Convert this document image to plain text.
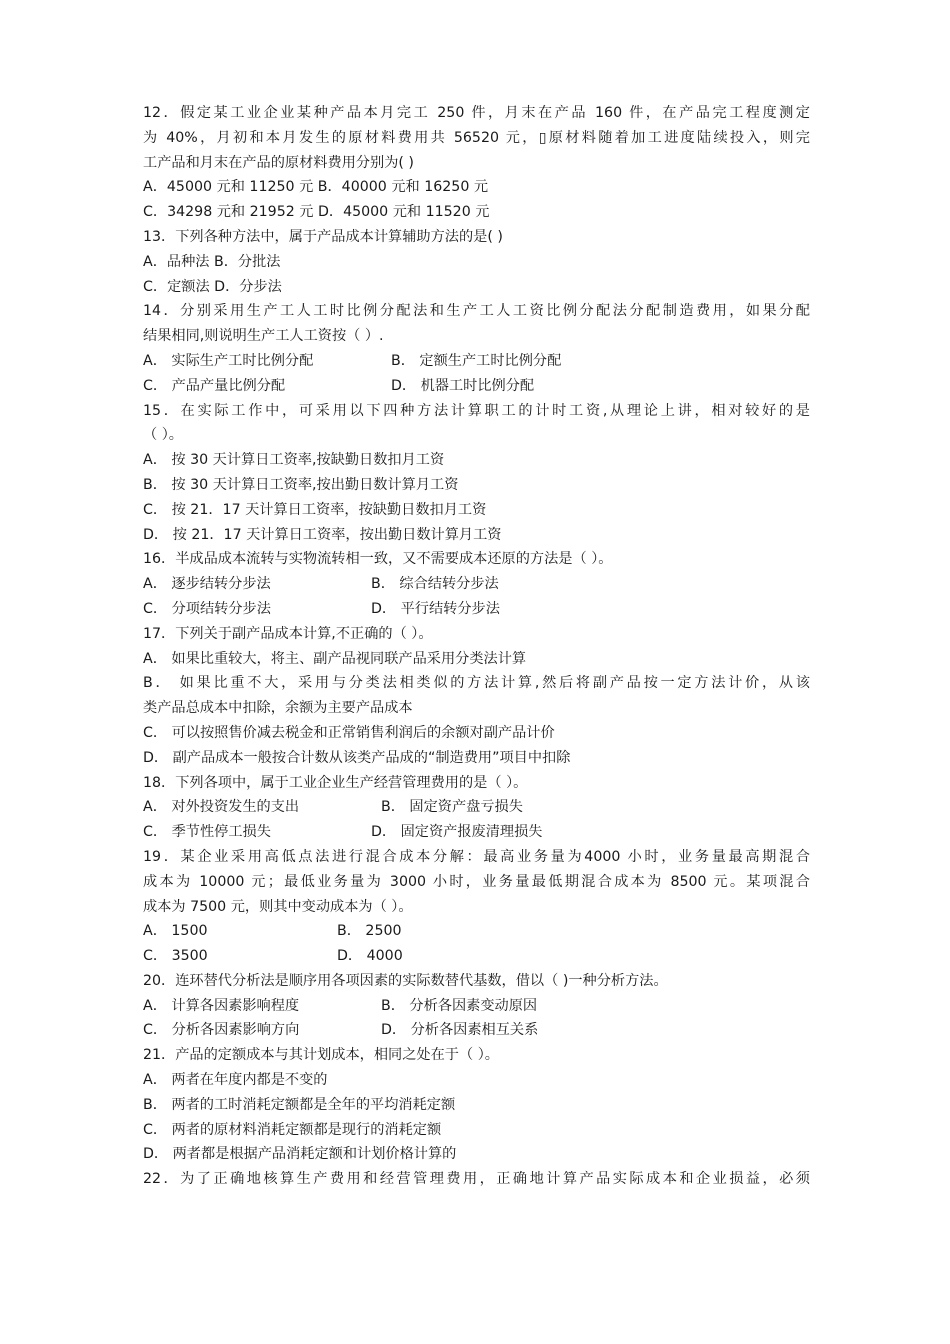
12．假定某工业企业某种产品本月完工 250 件，月末在产品 160 件，在产品完工程度测定
为 40%，月初和本月发生的原材料费用共 56520 元，▯原材料随着加工进度陆续投入，则完
工产品和月末在产品的原材料费用分别为( )
A．45000 元和 11250 元 B．40000 元和 16250 元
C．34298 元和 21952 元 D．45000 元和 11520 元
13．下列各种方法中，属于产品成本计算辅助方法的是( )
A．品种法 B．分批法
C．定额法 D．分步法
14．分别采用生产工人工时比例分配法和生产工人工资比例分配法分配制造费用，如果分配
结果相同,则说明生产工人工资按（ ）.
A． 实际生产工时比例分配	B． 定额生产工时比例分配
C． 产品产量比例分配	D． 机器工时比例分配
15．在实际工作中，可采用以下四种方法计算职工的计时工资,从理论上讲，相对较好的是
（ ）。
A． 按 30 天计算日工资率,按缺勤日数扣月工资
B． 按 30 天计算日工资率,按出勤日数计算月工资
C． 按 21．17 天计算日工资率，按缺勤日数扣月工资
D． 按 21．17 天计算日工资率，按出勤日数计算月工资
16．半成品成本流转与实物流转相一致，又不需要成本还原的方法是（ ）。
A． 逐步结转分步法	B． 综合结转分步法
C． 分项结转分步法	D． 平行结转分步法
17．下列关于副产品成本计算,不正确的（ ）。
A． 如果比重较大，将主、副产品视同联产品采用分类法计算
B． 如果比重不大，采用与分类法相类似的方法计算,然后将副产品按一定方法计价，从该
类产品总成本中扣除，余额为主要产品成本
C． 可以按照售价减去税金和正常销售利润后的余额对副产品计价
D． 副产品成本一般按合计数从该类产品成的“制造费用”项目中扣除
18．下列各项中，属于工业企业生产经营管理费用的是（ ）。
A． 对外投资发生的支出	B． 固定资产盘亏损失
C． 季节性停工损失	D． 固定资产报废清理损失
19．某企业采用高低点法进行混合成本分解：最高业务量为4000 小时，业务量最高期混合
成本为 10000 元；最低业务量为 3000 小时，业务量最低期混合成本为 8500 元。某项混合
成本为 7500 元，则其中变动成本为（ ）。
A． 1500	B． 2500
C． 3500	D． 4000
20．连环替代分析法是顺序用各项因素的实际数替代基数，借以（ )一种分析方法。
A． 计算各因素影响程度	B． 分析各因素变动原因
C． 分析各因素影响方向	D． 分析各因素相互关系
21．产品的定额成本与其计划成本，相同之处在于（ ）。
A． 两者在年度内都是不变的
B． 两者的工时消耗定额都是全年的平均消耗定额
C． 两者的原材料消耗定额都是现行的消耗定额
D． 两者都是根据产品消耗定额和计划价格计算的
22．为了正确地核算生产费用和经营管理费用，正确地计算产品实际成本和企业损益，必须
